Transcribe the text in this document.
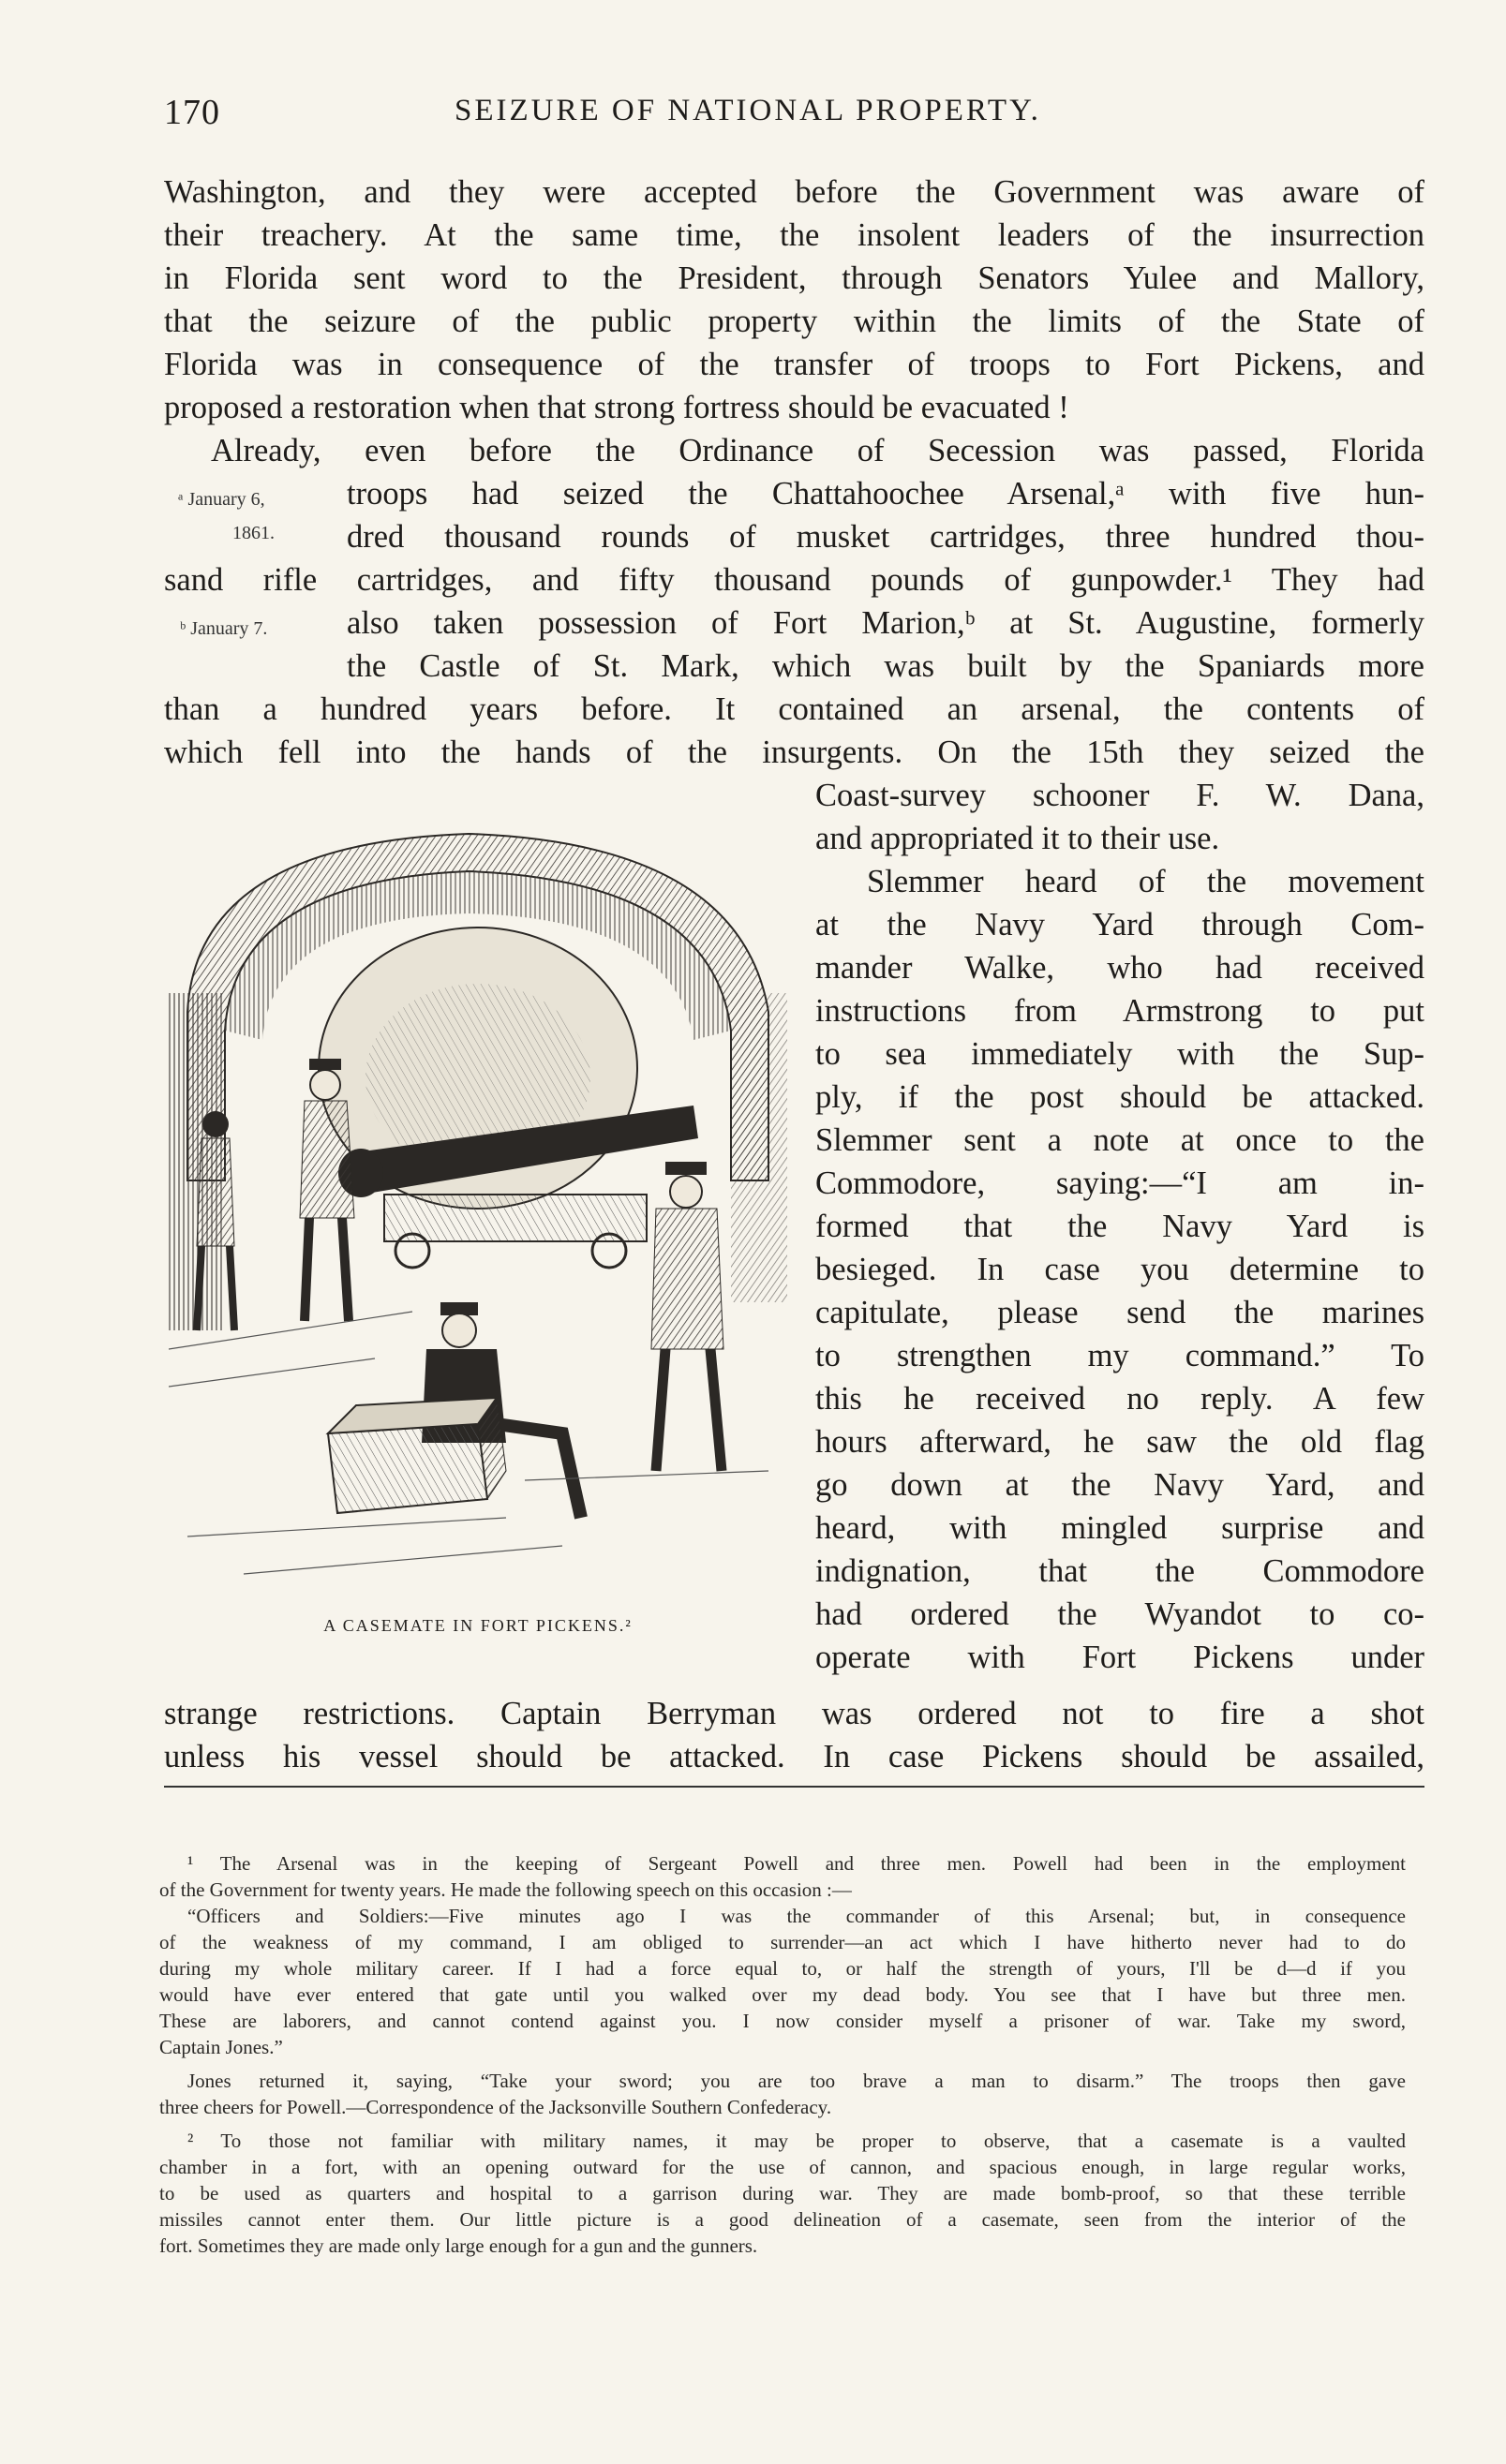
170	SEIZURE OF NATIONAL PROPERTY.
Washington, and they were accepted before the Government was aware of
their treachery. At the same time, the insolent leaders of the insurrection
in Florida sent word to the President, through Senators Yulee and Mallory,
that the seizure of the public property within the limits of the State of
Florida was in consequence of the transfer of troops to Fort Pickens, and
proposed a restoration when that strong fortress should be evacuated !
Already, even before the Ordinance of Secession was passed, Florida
troops had seized the Chattahoochee Arsenal,ᵃ with five hun-
dred thousand rounds of musket cartridges, three hundred thou-
sand rifle cartridges, and fifty thousand pounds of gunpowder.¹ They had
also taken possession of Fort Marion,ᵇ at St. Augustine, formerly
the Castle of St. Mark, which was built by the Spaniards more
than a hundred years before. It contained an arsenal, the contents of
which fell into the hands of the insurgents. On the 15th they seized the
ᵃ January 6,
1861.
ᵇ January 7.
A CASEMATE IN FORT PICKENS.²
Coast-survey schooner F. W. Dana,
and appropriated it to their use.
Slemmer heard of the movement
at the Navy Yard through Com-
mander Walke, who had received
instructions from Armstrong to put
to sea immediately with the Sup-
ply, if the post should be attacked.
Slemmer sent a note at once to the
Commodore, saying:—“I am in-
formed that the Navy Yard is
besieged. In case you determine to
capitulate, please send the marines
to strengthen my command.” To
this he received no reply. A few
hours afterward, he saw the old flag
go down at the Navy Yard, and
heard, with mingled surprise and
indignation, that the Commodore
had ordered the Wyandot to co-
operate with Fort Pickens under
strange restrictions. Captain Berryman was ordered not to fire a shot
unless his vessel should be attacked. In case Pickens should be assailed,
¹ The Arsenal was in the keeping of Sergeant Powell and three men. Powell had been in the employment
of the Government for twenty years. He made the following speech on this occasion :—
“Officers and Soldiers:—Five minutes ago I was the commander of this Arsenal; but, in consequence
of the weakness of my command, I am obliged to surrender—an act which I have hitherto never had to do
during my whole military career. If I had a force equal to, or half the strength of yours, I'll be d—d if you
would have ever entered that gate until you walked over my dead body. You see that I have but three men.
These are laborers, and cannot contend against you. I now consider myself a prisoner of war. Take my sword,
Captain Jones.”
Jones returned it, saying, “Take your sword; you are too brave a man to disarm.” The troops then gave
three cheers for Powell.—Correspondence of the Jacksonville Southern Confederacy.
² To those not familiar with military names, it may be proper to observe, that a casemate is a vaulted
chamber in a fort, with an opening outward for the use of cannon, and spacious enough, in large regular works,
to be used as quarters and hospital to a garrison during war. They are made bomb-proof, so that these terrible
missiles cannot enter them. Our little picture is a good delineation of a casemate, seen from the interior of the
fort. Sometimes they are made only large enough for a gun and the gunners.
